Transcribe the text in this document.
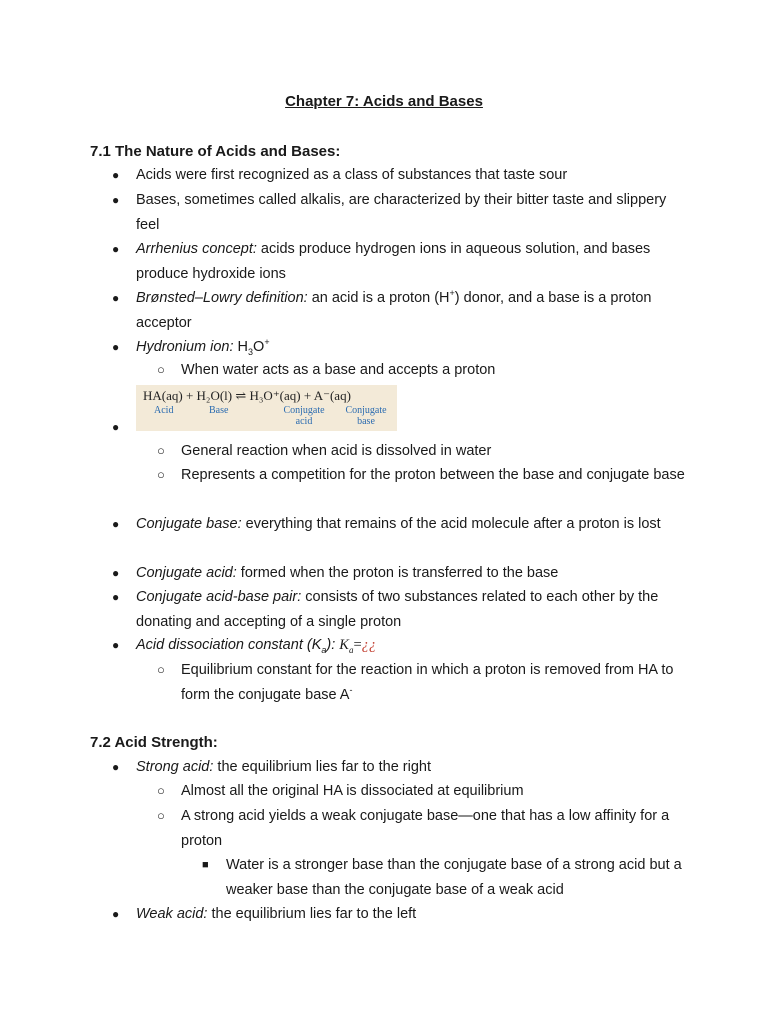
Chapter 7: Acids and Bases
7.1 The Nature of Acids and Bases:
● Acids were first recognized as a class of substances that taste sour
● Bases, sometimes called alkalis, are characterized by their bitter taste and slippery feel
● Arrhenius concept: acids produce hydrogen ions in aqueous solution, and bases produce hydroxide ions
● Brønsted–Lowry definition: an acid is a proton (H+) donor, and a base is a proton acceptor
● Hydronium ion: $H_3O^+$
○ When water acts as a base and accepts a proton
●
HA(aq) + H₂O(l) ⇌ H₃O⁺(aq) + A⁻(aq)
Acid	Base	Conjugate acid
Conjugate base
○ General reaction when acid is dissolved in water
○ Represents a competition for the proton between the base and conjugate base
● Conjugate base: everything that remains of the acid molecule after a proton is lost
● Conjugate acid: formed when the proton is transferred to the base
● Conjugate acid-base pair: consists of two substances related to each other by the donating and accepting of a single proton
● Acid dissociation constant $(K_a)$: $K_a=¿¿$
○ Equilibrium constant for the reaction in which a proton is removed from HA to form the conjugate base A-
7.2 Acid Strength:
● Strong acid: the equilibrium lies far to the right
○ Almost all the original HA is dissociated at equilibrium
○ A strong acid yields a weak conjugate base—one that has a low affinity for a proton
■ Water is a stronger base than the conjugate base of a strong acid but a weaker base than the conjugate base of a weak acid
● Weak acid: the equilibrium lies far to the left
